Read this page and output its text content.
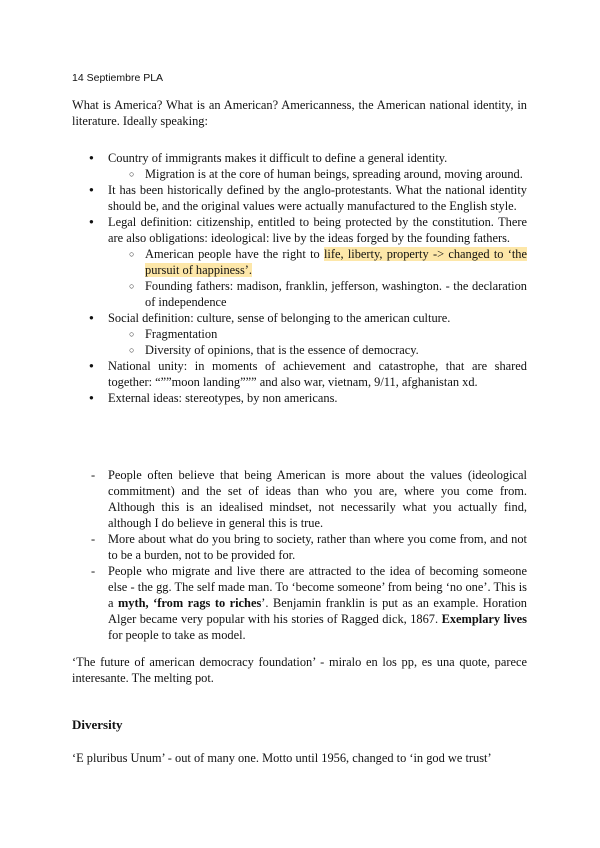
14 Septiembre PLA
What is America? What is an American? Americanness, the American national identity, in literature. Ideally speaking:
● Country of immigrants makes it difficult to define a general identity.
○ Migration is at the core of human beings, spreading around, moving around.
● It has been historically defined by the anglo-protestants. What the national identity should be, and the original values were actually manufactured to the English style.
● Legal definition: citizenship, entitled to being protected by the constitution. There are also obligations: ideological: live by the ideas forged by the founding fathers.
○ American people have the right to life, liberty, property -> changed to ‘the pursuit of happiness’.
○ Founding fathers: madison, franklin, jefferson, washington. - the declaration of independence
● Social definition: culture, sense of belonging to the american culture.
○ Fragmentation
○ Diversity of opinions, that is the essence of democracy.
● National unity: in moments of achievement and catastrophe, that are shared together: “””moon landing””” and also war, vietnam, 9/11, afghanistan xd.
● External ideas: stereotypes, by non americans.
- People often believe that being American is more about the values (ideological commitment) and the set of ideas than who you are, where you come from. Although this is an idealised mindset, not necessarily what you actually find, although I do believe in general this is true.
- More about what do you bring to society, rather than where you come from, and not to be a burden, not to be provided for.
- People who migrate and live there are attracted to the idea of becoming someone else - the gg. The self made man. To ‘become someone’ from being ‘no one’. This is a myth, ‘from rags to riches’. Benjamin franklin is put as an example. Horation Alger became very popular with his stories of Ragged dick, 1867. Exemplary lives for people to take as model.
‘The future of american democracy foundation’ - miralo en los pp, es una quote, parece interesante. The melting pot.
Diversity
‘E pluribus Unum’ - out of many one. Motto until 1956, changed to ‘in god we trust’
